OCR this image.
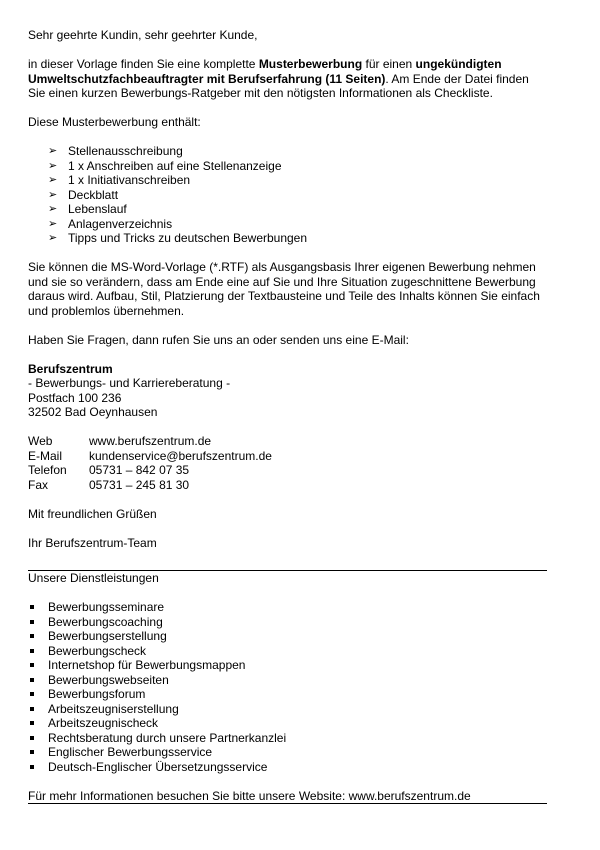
Sehr geehrte Kundin, sehr geehrter Kunde,

in dieser Vorlage finden Sie eine komplette Musterbewerbung für einen ungekündigten Umweltschutzfachbeauftragter mit Berufserfahrung (11 Seiten). Am Ende der Datei finden Sie einen kurzen Bewerbungs-Ratgeber mit den nötigsten Informationen als Checkliste.

Diese Musterbewerbung enthält:

➢ Stellenausschreibung
➢ 1 x Anschreiben auf eine Stellenanzeige
➢ 1 x Initiativanschreiben
➢ Deckblatt
➢ Lebenslauf
➢ Anlagenverzeichnis
➢ Tipps und Tricks zu deutschen Bewerbungen

Sie können die MS-Word-Vorlage (*.RTF) als Ausgangsbasis Ihrer eigenen Bewerbung nehmen und sie so verändern, dass am Ende eine auf Sie und Ihre Situation zugeschnittene Bewerbung daraus wird. Aufbau, Stil, Platzierung der Textbausteine und Teile des Inhalts können Sie einfach und problemlos übernehmen.

Haben Sie Fragen, dann rufen Sie uns an oder senden uns eine E-Mail:

Berufszentrum

- Bewerbungs- und Karriereberatung -

Postfach 100 236

32502 Bad Oeynhausen

Web	www.berufszentrum.de
E-Mail	kundenservice@berufszentrum.de
Telefon	05731 – 842 07 35
Fax	05731 – 245 81 30

Mit freundlichen Grüßen

Ihr Berufszentrum-Team

Unsere Dienstleistungen

Bewerbungsseminare
Bewerbungscoaching
Bewerbungserstellung
Bewerbungscheck
Internetshop für Bewerbungsmappen
Bewerbungswebseiten
Bewerbungsforum
Arbeitszeugniserstellung
Arbeitszeugnischeck
Rechtsberatung durch unsere Partnerkanzlei
Englischer Bewerbungsservice
Deutsch-Englischer Übersetzungsservice

Für mehr Informationen besuchen Sie bitte unsere Website: www.berufszentrum.de
